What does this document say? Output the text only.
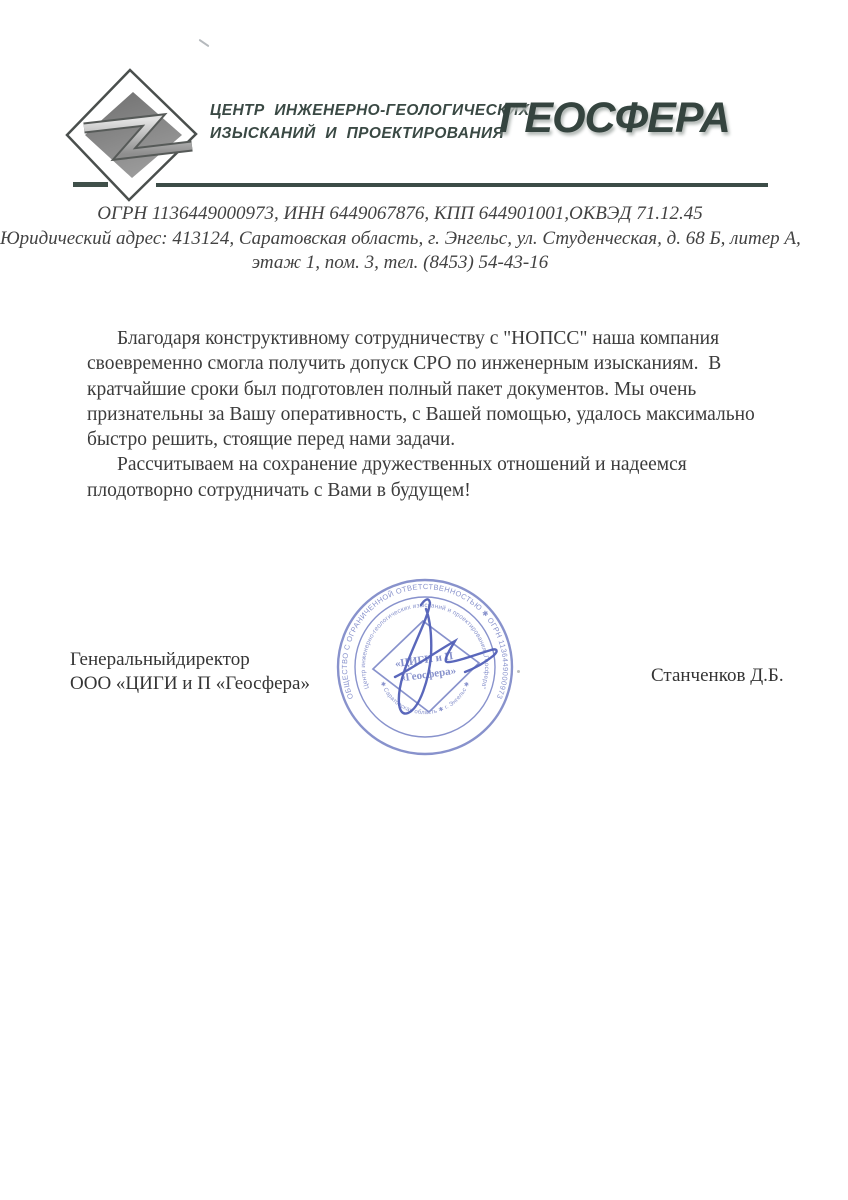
ЦЕНТР ИНЖЕНЕРНО-ГЕОЛОГИЧЕСКИХ
ИЗЫСКАНИЙ И ПРОЕКТИРОВАНИЯ
ГЕОСФЕРА
ОГРН 1136449000973, ИНН 6449067876, КПП 644901001,ОКВЭД 71.12.45
Юридический адрес: 413124, Саратовская область, г. Энгельс, ул. Студенческая, д. 68 Б, литер А,
этаж 1, пом. 3, тел. (8453) 54-43-16
Благодаря конструктивному сотрудничеству с "НОПСС" наша компания
своевременно смогла получить допуск СРО по инженерным изысканиям.  В
кратчайшие сроки был подготовлен полный пакет документов. Мы очень
признательны за Вашу оперативность, с Вашей помощью, удалось максимально
быстро решить, стоящие перед нами задачи.
Рассчитываем на сохранение дружественных отношений и надеемся
плодотворно сотрудничать с Вами в будущем!
Генеральныйдиректор
ООО «ЦИГИ и П «Геосфера»	Станченков Д.Б.
ОБЩЕСТВО С ОГРАНИЧЕННОЙ ОТВЕТСТВЕННОСТЬЮ ✱ ОГРН 1136449000973
Центр инженерно-геологических изысканий и проектирования „Геосфера“
✱ Саратовская область ✱ г. Энгельс ✱
«ЦИГИ и П
«Геосфера»
